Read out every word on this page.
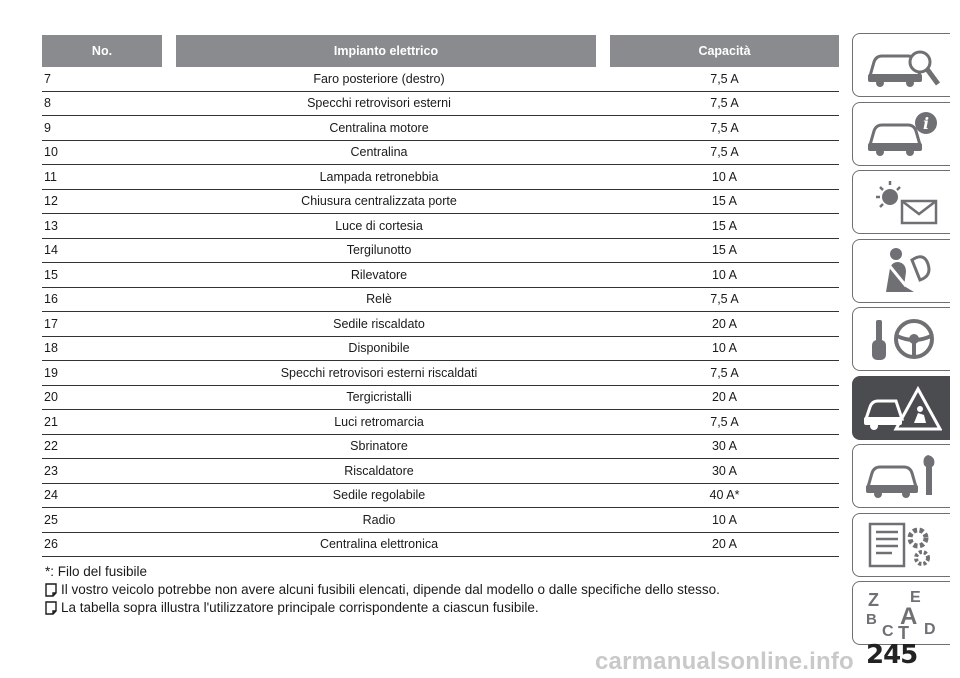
No.	Impianto elettrico	Capacità
7	Faro posteriore (destro)	7,5 A
8	Specchi retrovisori esterni	7,5 A
9	Centralina motore	7,5 A
10	Centralina	7,5 A
11	Lampada retronebbia	10 A
12	Chiusura centralizzata porte	15 A
13	Luce di cortesia	15 A
14	Tergilunotto	15 A
15	Rilevatore	10 A
16	Relè	7,5 A
17	Sedile riscaldato	20 A
18	Disponibile	10 A
19	Specchi retrovisori esterni riscaldati	7,5 A
20	Tergicristalli	20 A
21	Luci retromarcia	7,5 A
22	Sbrinatore	30 A
23	Riscaldatore	30 A
24	Sedile regolabile	40 A*
25	Radio	10 A
26	Centralina elettronica	20 A
*: Filo del fusibile
Il vostro veicolo potrebbe non avere alcuni fusibili elencati, dipende dal modello o dalle specifiche dello stesso.
La tabella sopra illustra l'utilizzatore principale corrispondente a ciascun fusibile.
i
Z E
B A
C T D
245
carmanualsonline.info
